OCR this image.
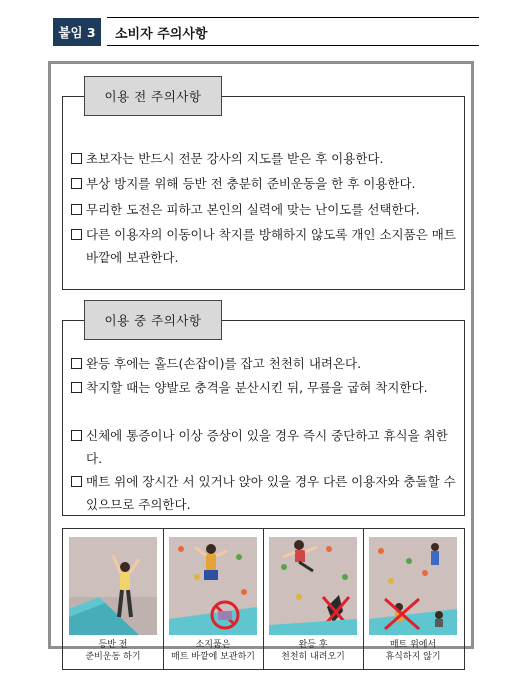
붙임 3	소비자 주의사항
이용 전 주의사항
초보자는 반드시 전문 강사의 지도를 받은 후 이용한다.
부상 방지를 위해 등반 전 충분히 준비운동을 한 후 이용한다.
무리한 도전은 피하고 본인의 실력에 맞는 난이도를 선택한다.
다른 이용자의 이동이나 착지를 방해하지 않도록 개인 소지품은 매트 바깥에 보관한다.
이용 중 주의사항
완등 후에는 홀드(손잡이)를 잡고 천천히 내려온다.
착지할 때는 양발로 충격을 분산시킨 뒤, 무릎을 굽혀 착지한다.
신체에 통증이나 이상 증상이 있을 경우 즉시 중단하고 휴식을 취한다.
매트 위에 장시간 서 있거나 앉아 있을 경우 다른 이용자와 충돌할 수 있으므로 주의한다.
등반 전
준비운동 하기
소지품은
매트 바깥에 보관하기
완등 후
천천히 내려오기
매트 위에서
휴식하지 않기
